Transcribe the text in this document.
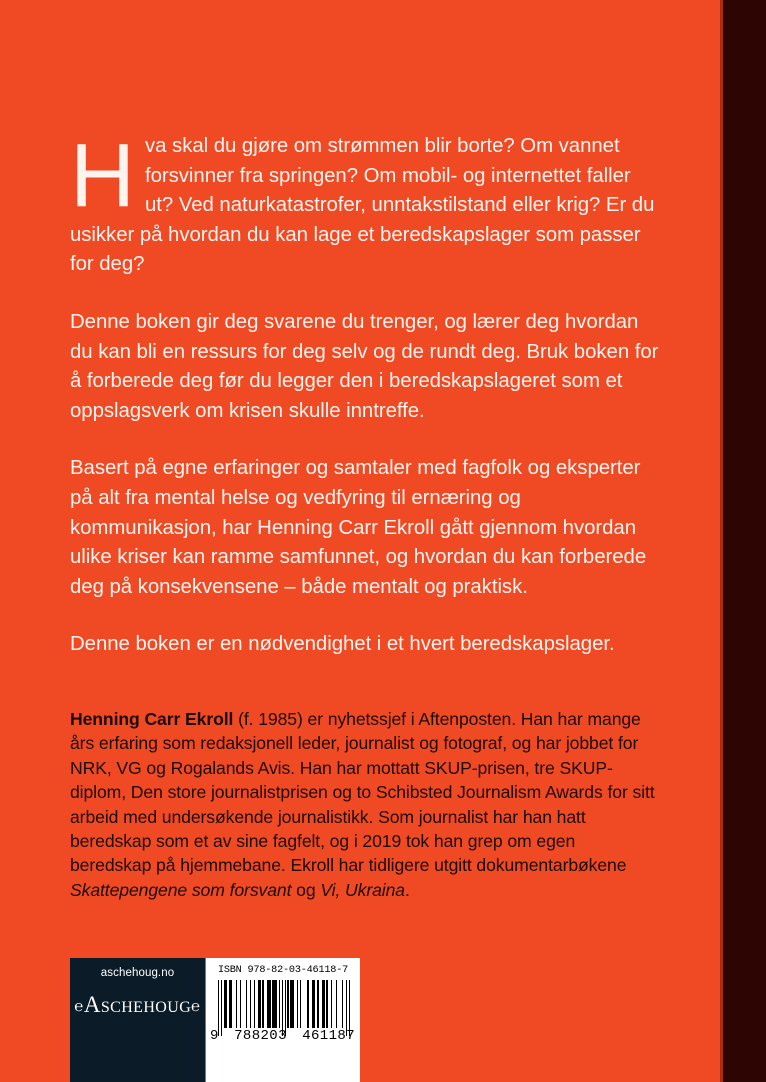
Hva skal du gjøre om strømmen blir borte? Om vannet forsvinner fra springen? Om mobil- og internettet faller ut? Ved naturkatastrofer, unntakstilstand eller krig? Er du usikker på hvordan du kan lage et beredskapslager som passer for deg?

Denne boken gir deg svarene du trenger, og lærer deg hvordan du kan bli en ressurs for deg selv og de rundt deg. Bruk boken for å forberede deg før du legger den i beredskapslageret som et oppslagsverk om krisen skulle inntreffe.

Basert på egne erfaringer og samtaler med fagfolk og eksperter på alt fra mental helse og vedfyring til ernæring og kommunikasjon, har Henning Carr Ekroll gått gjennom hvordan ulike kriser kan ramme samfunnet, og hvordan du kan forberede deg på konsekvensene – både mentalt og praktisk.

Denne boken er en nødvendighet i et hvert beredskapslager.

Henning Carr Ekroll (f. 1985) er nyhetssjef i Aftenposten. Han har mange års erfaring som redaksjonell leder, journalist og fotograf, og har jobbet for NRK, VG og Rogalands Avis. Han har mottatt SKUP-prisen, tre SKUP-diplom, Den store journalistprisen og to Schibsted Journalism Awards for sitt arbeid med undersøkende journalistikk. Som journalist har han hatt beredskap som et av sine fagfelt, og i 2019 tok han grep om egen beredskap på hjemmebane. Ekroll har tidligere utgitt dokumentarbøkene Skattepengene som forsvant og Vi, Ukraina.
aschehoug.no
℮Aschehoug℮
ISBN 978-82-03-46118-7
9 788203 461187
